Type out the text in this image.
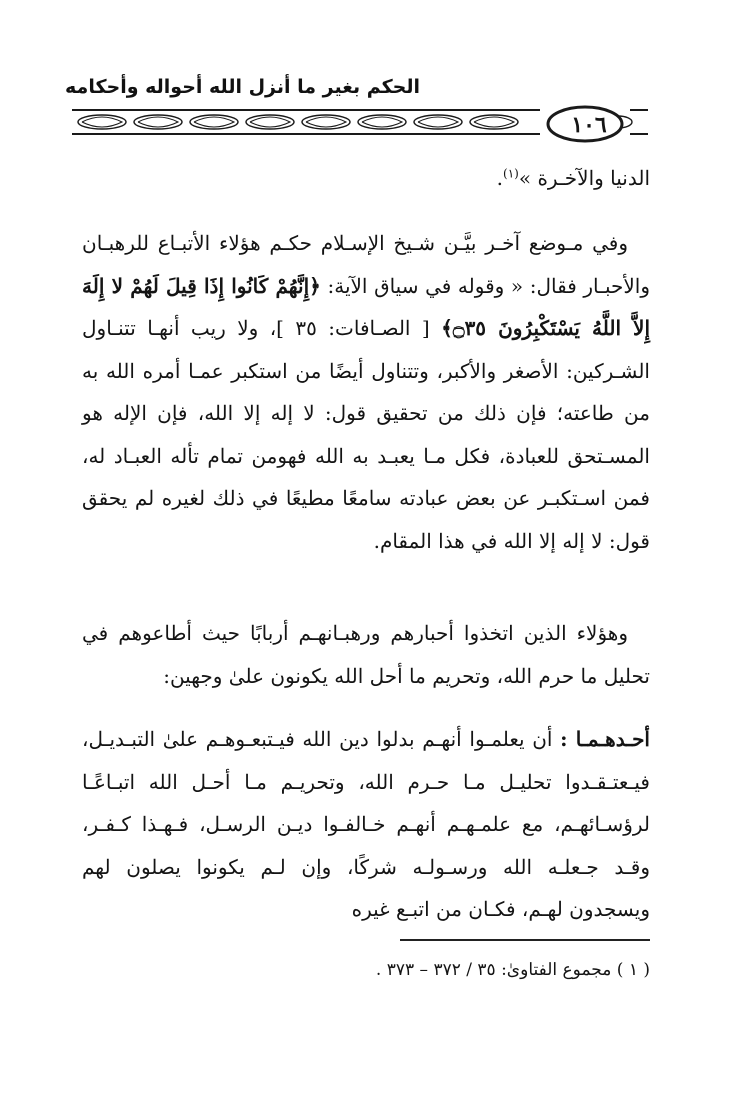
الحكم بغير ما أنزل الله أحواله وأحكامه
١٠٦
الدنيا والآخـرة »$^{(١)}$.
وفي مـوضع آخـر بيَّـن شـيخ الإسـلام حكـم هؤلاء الأتبـاع للرهبـان والأحبـار فقال: « وقوله في سياق الآية: ﴿إِنَّهُمْ كَانُوا إِذَا قِيلَ لَهُمْ لا إِلَهَ إِلاَّ اللَّهُ يَسْتَكْبِرُونَ ۝٣٥﴾ [ الصـافات: ٣٥ ]، ولا ريب أنهـا تتنـاول الشـركين: الأصغر والأكبر، وتتناول أيضًا من استكبر عمـا أمره الله به من طاعته؛ فإن ذلك من تحقيق قول: لا إله إلا الله، فإن الإله هو المسـتحق للعبادة، فكل مـا يعبـد به الله فهومن تمام تأله العبـاد له، فمن اسـتكبـر عن بعض عبادته سامعًا مطيعًا في ذلك لغيره لم يحقق قول: لا إله إلا الله في هذا المقام.
وهؤلاء الذين اتخذوا أحبارهم ورهبـانهـم أربابًا حيث أطاعوهم في تحليل ما حرم الله، وتحريم ما أحل الله يكونون علىٰ وجهين:
أحـدهـمـا : أن يعلمـوا أنهـم بدلوا دين الله فيـتبعـوهـم علىٰ التبـديـل، فيـعتـقـدوا تحليـل مـا حـرم الله، وتحريـم مـا أحـل الله اتبـاعًـا لرؤسـائهـم، مع علمـهـم أنهـم خـالفـوا ديـن الرسـل، فـهـذا كـفـر، وقـد جـعلـه الله ورسـولـه شركًا، وإن لـم يكونوا يصلون لهم ويسجدون لهـم، فكـان من اتبـع غيره
( ١ ) مجموع الفتاوىٰ: ٣٥ / ٣٧٢ – ٣٧٣ .
